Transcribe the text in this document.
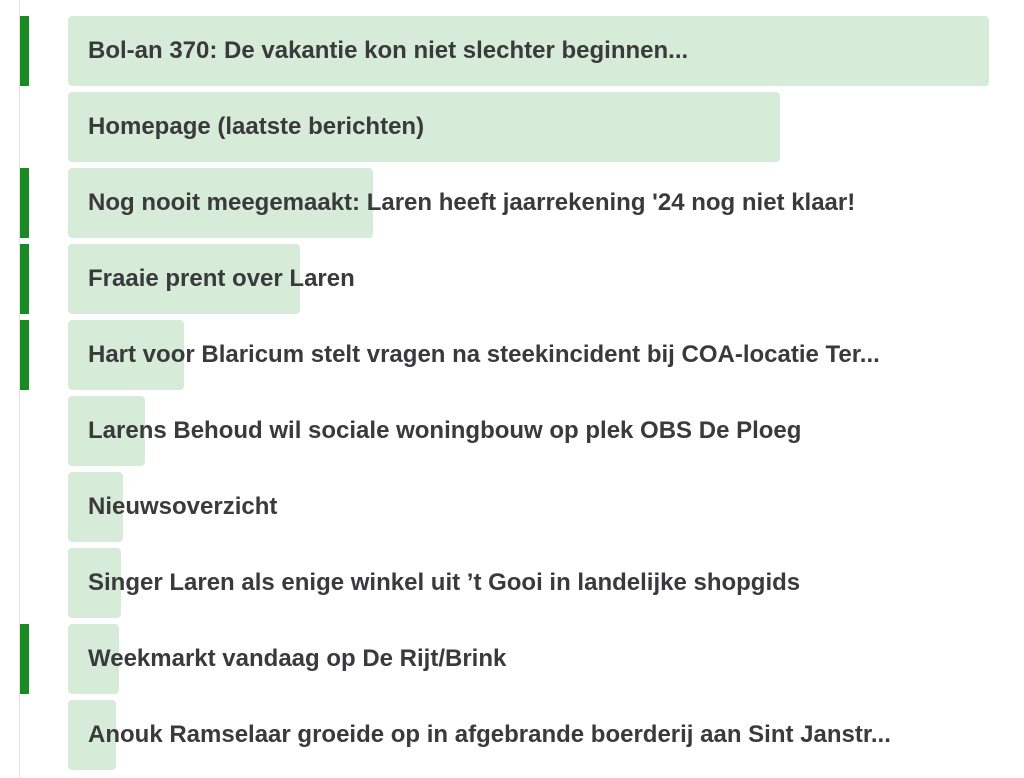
Bol-an 370: De vakantie kon niet slechter beginnen...
Homepage (laatste berichten)
Nog nooit meegemaakt: Laren heeft jaarrekening '24 nog niet klaar!
Fraaie prent over Laren
Hart voor Blaricum stelt vragen na steekincident bij COA-locatie Ter...
Larens Behoud wil sociale woningbouw op plek OBS De Ploeg
Nieuwsoverzicht
Singer Laren als enige winkel uit ’t Gooi in landelijke shopgids
Weekmarkt vandaag op De Rijt/Brink
Anouk Ramselaar groeide op in afgebrande boerderij aan Sint Janstr...
